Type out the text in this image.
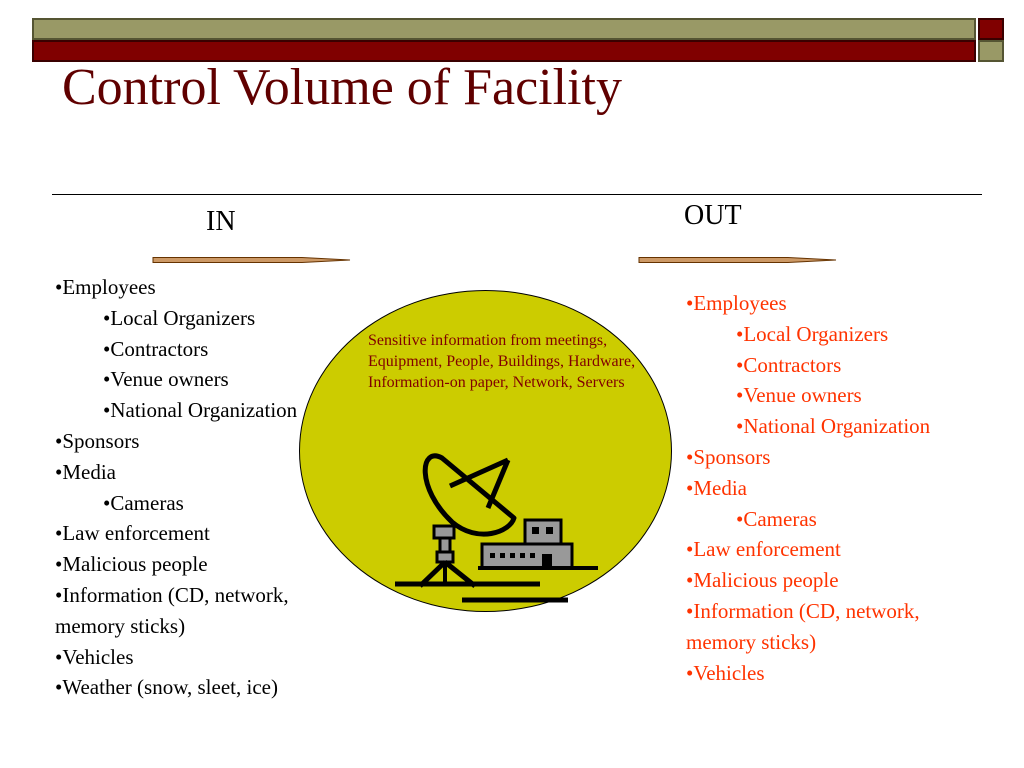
Control Volume of Facility
IN	OUT
•Employees
•Local Organizers
•Contractors
•Venue owners
•National Organization
•Sponsors
•Media
•Cameras
•Law enforcement
•Malicious people
•Information (CD, network, memory sticks)
•Vehicles
•Weather (snow, sleet, ice)
Sensitive information from meetings, Equipment, People, Buildings, Hardware, Information-on paper, Network, Servers
•Employees
•Local Organizers
•Contractors
•Venue owners
•National Organization
•Sponsors
•Media
•Cameras
•Law enforcement
•Malicious people
•Information (CD, network, memory sticks)
•Vehicles
